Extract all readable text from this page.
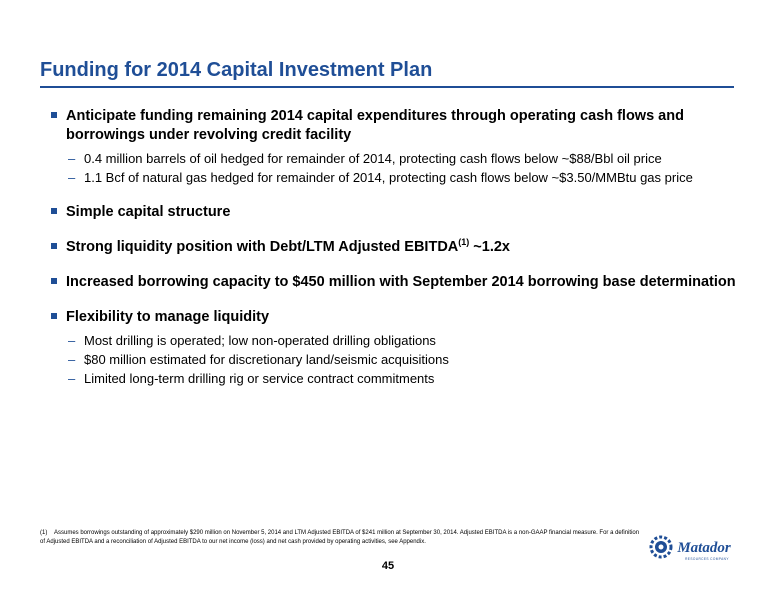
Funding for 2014 Capital Investment Plan
Anticipate funding remaining 2014 capital expenditures through operating cash flows and borrowings under revolving credit facility
– 0.4 million barrels of oil hedged for remainder of 2014, protecting cash flows below ~$88/Bbl oil price
– 1.1 Bcf of natural gas hedged for remainder of 2014, protecting cash flows below ~$3.50/MMBtu gas price
Simple capital structure
Strong liquidity position with Debt/LTM Adjusted EBITDA$^{(1)}$ ~1.2x
Increased borrowing capacity to $450 million with September 2014 borrowing base determination
Flexibility to manage liquidity
– Most drilling is operated; low non-operated drilling obligations
– $80 million estimated for discretionary land/seismic acquisitions
– Limited long-term drilling rig or service contract commitments
(1) Assumes borrowings outstanding of approximately $290 million on November 5, 2014 and LTM Adjusted EBITDA of $241 million at September 30, 2014. Adjusted EBITDA is a non-GAAP financial measure. For a definition of Adjusted EBITDA and a reconciliation of Adjusted EBITDA to our net income (loss) and net cash provided by operating activities, see Appendix.
45
Matador
RESOURCES COMPANY
